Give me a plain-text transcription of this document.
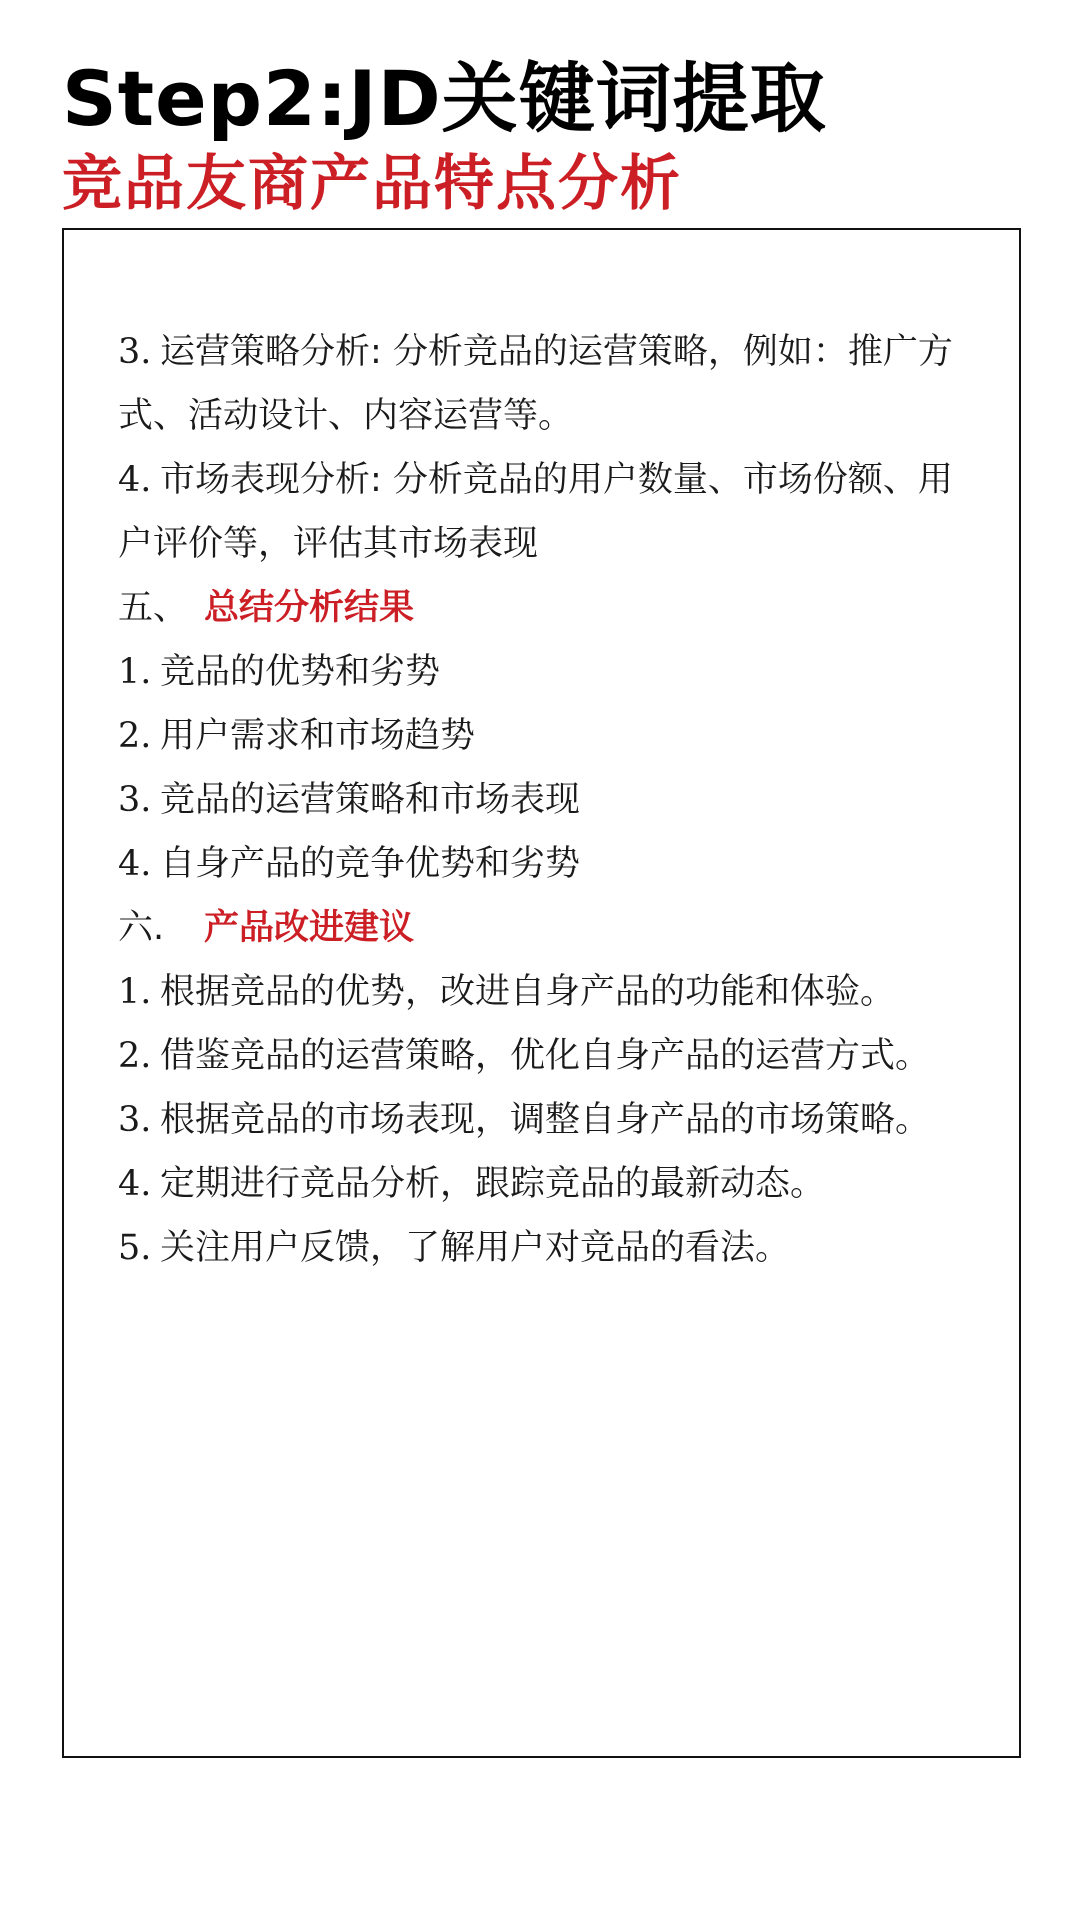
Step2:JD关键词提取
竞品友商产品特点分析
3. 运营策略分析: 分析竞品的运营策略，例如：推广方式、活动设计、内容运营等。
4. 市场表现分析: 分析竞品的用户数量、市场份额、用户评价等，评估其市场表现
五、 总结分析结果
1. 竞品的优势和劣势
2. 用户需求和市场趋势
3. 竞品的运营策略和市场表现
4. 自身产品的竞争优势和劣势
六. 产品改进建议
1. 根据竞品的优势，改进自身产品的功能和体验。
2. 借鉴竞品的运营策略，优化自身产品的运营方式。
3. 根据竞品的市场表现，调整自身产品的市场策略。
4. 定期进行竞品分析，跟踪竞品的最新动态。
5. 关注用户反馈，了解用户对竞品的看法。
